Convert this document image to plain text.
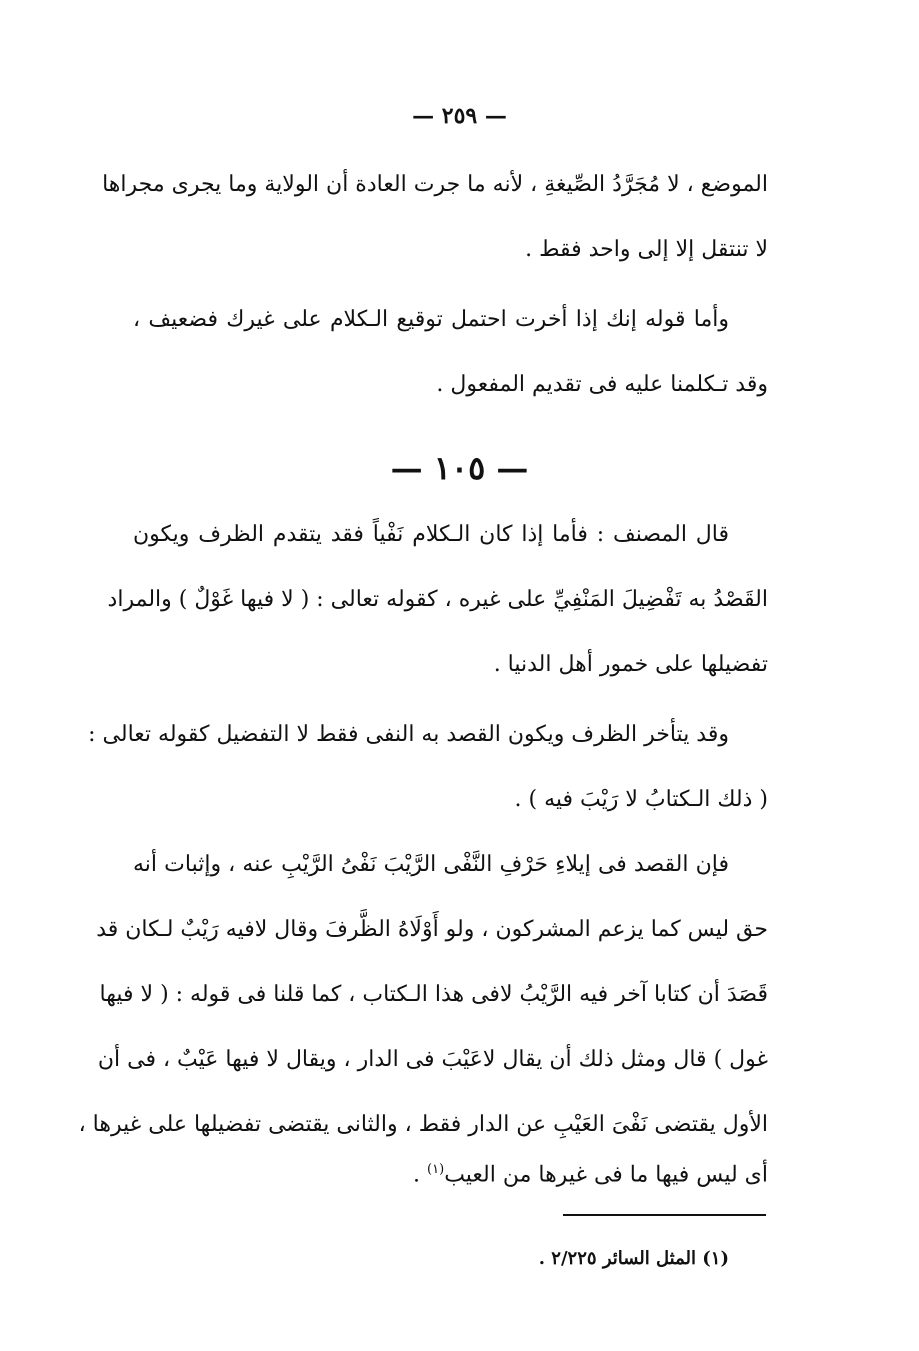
— ٢٥٩ —
الموضع ، لا مُجَرَّدُ الصِّيغةِ ، لأنه ما جرت العادة أن الولاية وما يجرى مجراها
لا تنتقل إلا إلى واحد فقط .
وأما قوله إنك إذا أخرت احتمل توقيع الـكلام على غيرك فضعيف ،
وقد تـكلمنا عليه فى تقديم المفعول .
— ١٠٥ —
قال المصنف : فأما إذا كان الـكلام نَفْياً فقد يتقدم الظرف ويكون
القَصْدُ به تَفْضِيلَ المَنْفِيِّ على غيره ، كقوله تعالى : ( لا فيها غَوْلٌ ) والمراد
تفضيلها على خمور أهل الدنيا .
وقد يتأخر الظرف ويكون القصد به النفى فقط لا التفضيل كقوله تعالى :
( ذلك الـكتابُ لا رَيْبَ فيه ) .
فإن القصد فى إيلاءِ حَرْفِ النَّفْى الرَّيْبَ نَفْىُ الرَّيْبِ عنه ، وإثبات أنه
حق ليس كما يزعم المشركون ، ولو أَوْلَاهُ الظَّرفَ وقال لافيه رَيْبٌ لـكان قد
قَصَدَ أن كتابا آخر فيه الرَّيْبُ لافى هذا الـكتاب ، كما قلنا فى قوله : ( لا فيها
غول ) قال ومثل ذلك أن يقال لاعَيْبَ فى الدار ، ويقال لا فيها عَيْبٌ ، فى أن
الأول يقتضى نَفْىَ العَيْبِ عن الدار فقط ، والثانى يقتضى تفضيلها على غيرها ،
أى ليس فيها ما فى غيرها من العيب$^{(١)}$ .
(١) المثل السائر ٢/٢٢٥ .
